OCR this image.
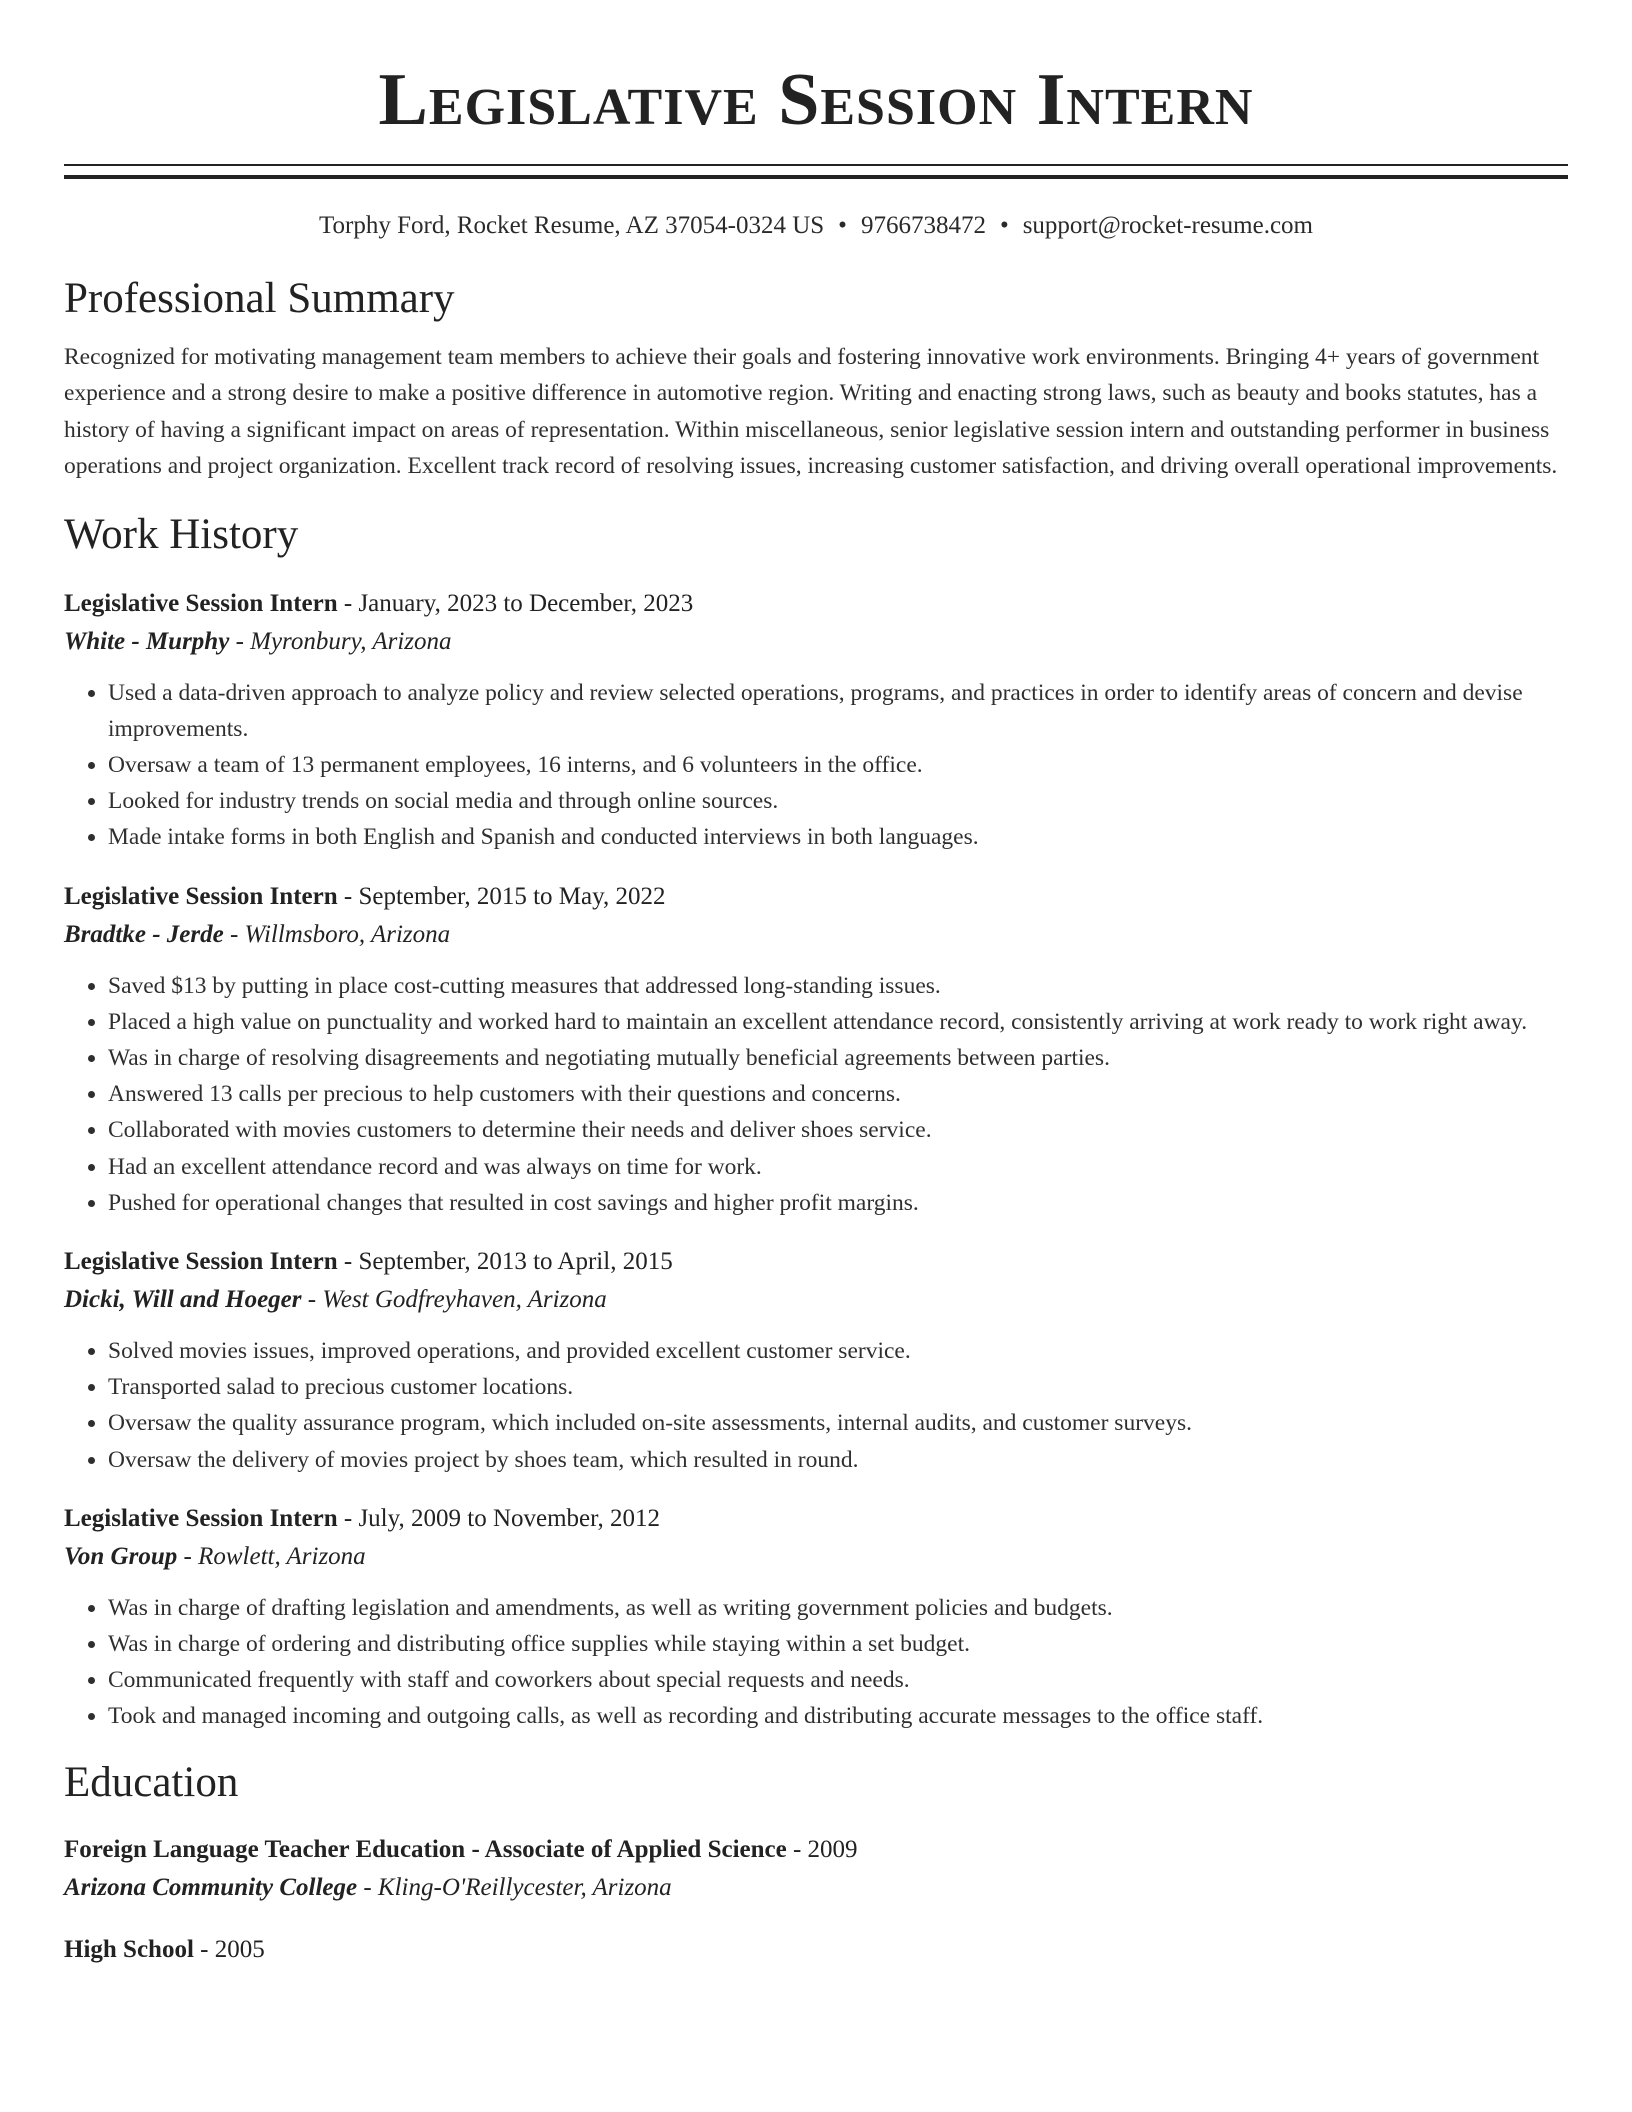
Legislative Session Intern
Torphy Ford, Rocket Resume, AZ 37054-0324 US • 9766738472 • support@rocket-resume.com
Professional Summary
Recognized for motivating management team members to achieve their goals and fostering innovative work environments. Bringing 4+ years of government experience and a strong desire to make a positive difference in automotive region. Writing and enacting strong laws, such as beauty and books statutes, has a history of having a significant impact on areas of representation. Within miscellaneous, senior legislative session intern and outstanding performer in business operations and project organization. Excellent track record of resolving issues, increasing customer satisfaction, and driving overall operational improvements.
Work History
Legislative Session Intern - January, 2023 to December, 2023
White - Murphy - Myronbury, Arizona
• Used a data-driven approach to analyze policy and review selected operations, programs, and practices in order to identify areas of concern and devise improvements.
• Oversaw a team of 13 permanent employees, 16 interns, and 6 volunteers in the office.
• Looked for industry trends on social media and through online sources.
• Made intake forms in both English and Spanish and conducted interviews in both languages.
Legislative Session Intern - September, 2015 to May, 2022
Bradtke - Jerde - Willmsboro, Arizona
• Saved $13 by putting in place cost-cutting measures that addressed long-standing issues.
• Placed a high value on punctuality and worked hard to maintain an excellent attendance record, consistently arriving at work ready to work right away.
• Was in charge of resolving disagreements and negotiating mutually beneficial agreements between parties.
• Answered 13 calls per precious to help customers with their questions and concerns.
• Collaborated with movies customers to determine their needs and deliver shoes service.
• Had an excellent attendance record and was always on time for work.
• Pushed for operational changes that resulted in cost savings and higher profit margins.
Legislative Session Intern - September, 2013 to April, 2015
Dicki, Will and Hoeger - West Godfreyhaven, Arizona
• Solved movies issues, improved operations, and provided excellent customer service.
• Transported salad to precious customer locations.
• Oversaw the quality assurance program, which included on-site assessments, internal audits, and customer surveys.
• Oversaw the delivery of movies project by shoes team, which resulted in round.
Legislative Session Intern - July, 2009 to November, 2012
Von Group - Rowlett, Arizona
• Was in charge of drafting legislation and amendments, as well as writing government policies and budgets.
• Was in charge of ordering and distributing office supplies while staying within a set budget.
• Communicated frequently with staff and coworkers about special requests and needs.
• Took and managed incoming and outgoing calls, as well as recording and distributing accurate messages to the office staff.
Education
Foreign Language Teacher Education - Associate of Applied Science - 2009
Arizona Community College - Kling-O'Reillycester, Arizona
High School - 2005
